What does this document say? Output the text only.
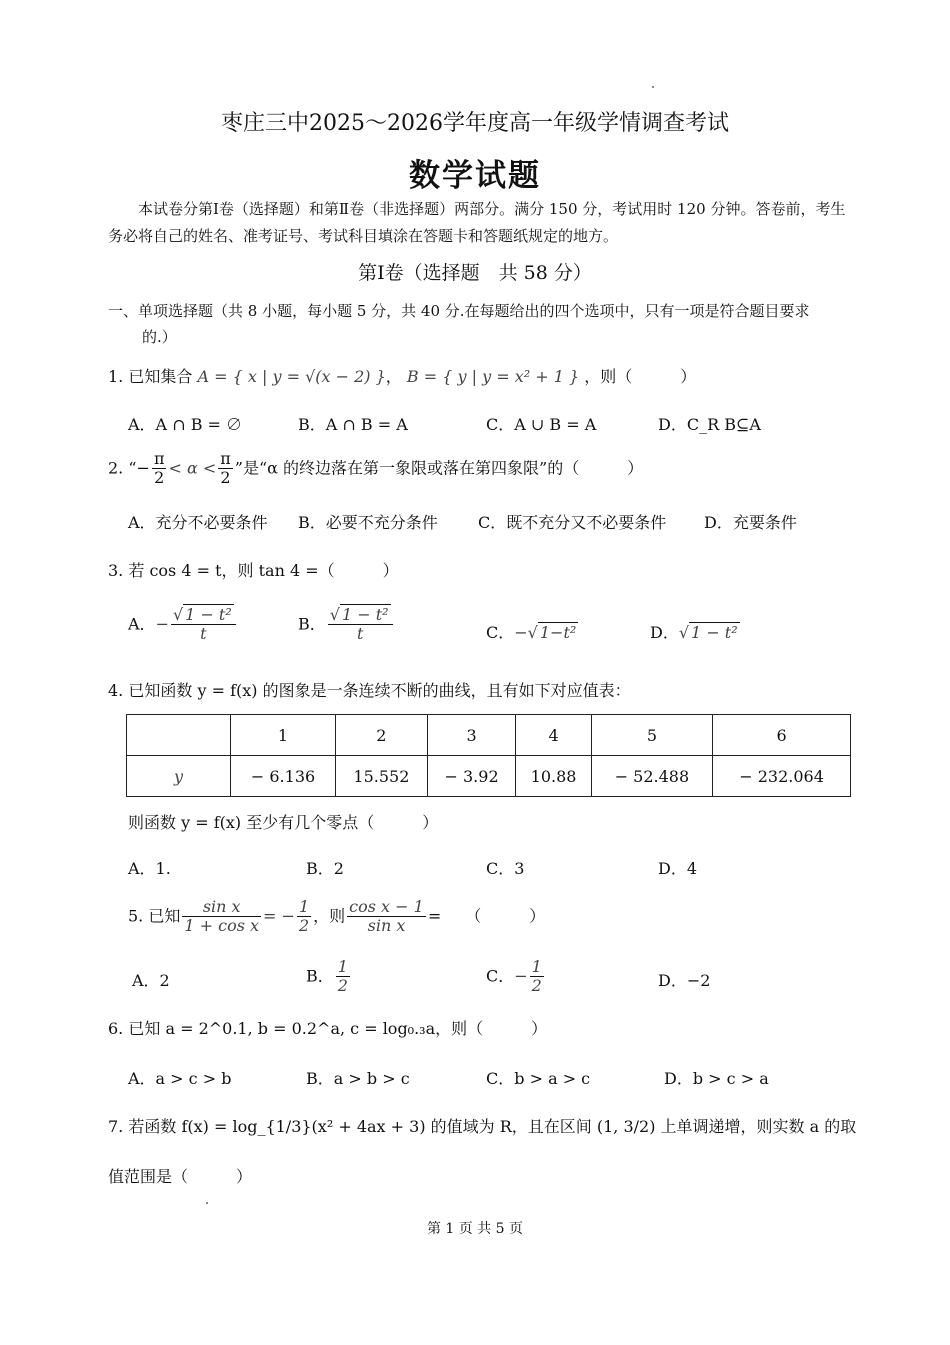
枣庄三中2025～2026学年度高一年级学情调查考试
数学试题
本试卷分第Ⅰ卷（选择题）和第Ⅱ卷（非选择题）两部分。满分 150 分，考试用时 120 分钟。答卷前，考生务必将自己的姓名、准考证号、考试科目填涂在答题卡和答题纸规定的地方。
第Ⅰ卷（选择题　共 58 分）
一、单项选择题（共 8 小题，每小题 5 分，共 40 分.在每题给出的四个选项中，只有一项是符合题目要求
的.）
1. 已知集合 A = { x | y = √(x − 2) }， B = { y | y = x² + 1 } ，则（　　　）
A．A ∩ B = ∅	B．A ∩ B = A	C．A ∪ B = A	D．C_R B⊆A
2. “− $\frac{\pi}{2} < \alpha < \frac{\pi}{2}$ ”是“α 的终边落在第一象限或落在第四象限”的（　　　）
A．充分不必要条件 B．必要不充分条件	C．既不充分又不必要条件 D．充要条件
3. 若 cos 4 = t，则 tan 4 =（　　　）
A．− $\frac{\text{√ 1 − t²}}{t}$	B． $\frac{\text{√ 1 − t²}}{t}$	C．−√ 1−t²	D．√ 1 − t²
4. 已知函数 y = f(x) 的图象是一条连续不断的曲线，且有如下对应值表：
	1	2	3	4	5	6
y	− 6.136	15.552	− 3.92	10.88	− 52.488	− 232.064
则函数 y = f(x) 至少有几个零点（　　　）
A．1.	B．2	C．3	D．4
5. 已知 $\frac{\text{sin x}}{\text{1 + cos x}}$ = − $\frac{1}{2}$ ，则 $\frac{\text{cos x − 1}}{\text{sin x}}$ =　　（　　　）
A．2	B． $\frac{1}{2}$	C．− $\frac{1}{2}$	D．−2
6. 已知 a = 2^0.1, b = 0.2^a, c = log₀.₃a，则（　　　）
A．a > c > b	B．a > b > c	C．b > a > c	D．b > c > a
7. 若函数 f(x) = log_{1/3}(x² + 4ax + 3) 的值域为 R，且在区间 (1, 3/2) 上单调递增，则实数 a 的取
值范围是（　　　）
第 1 页 共 5 页
